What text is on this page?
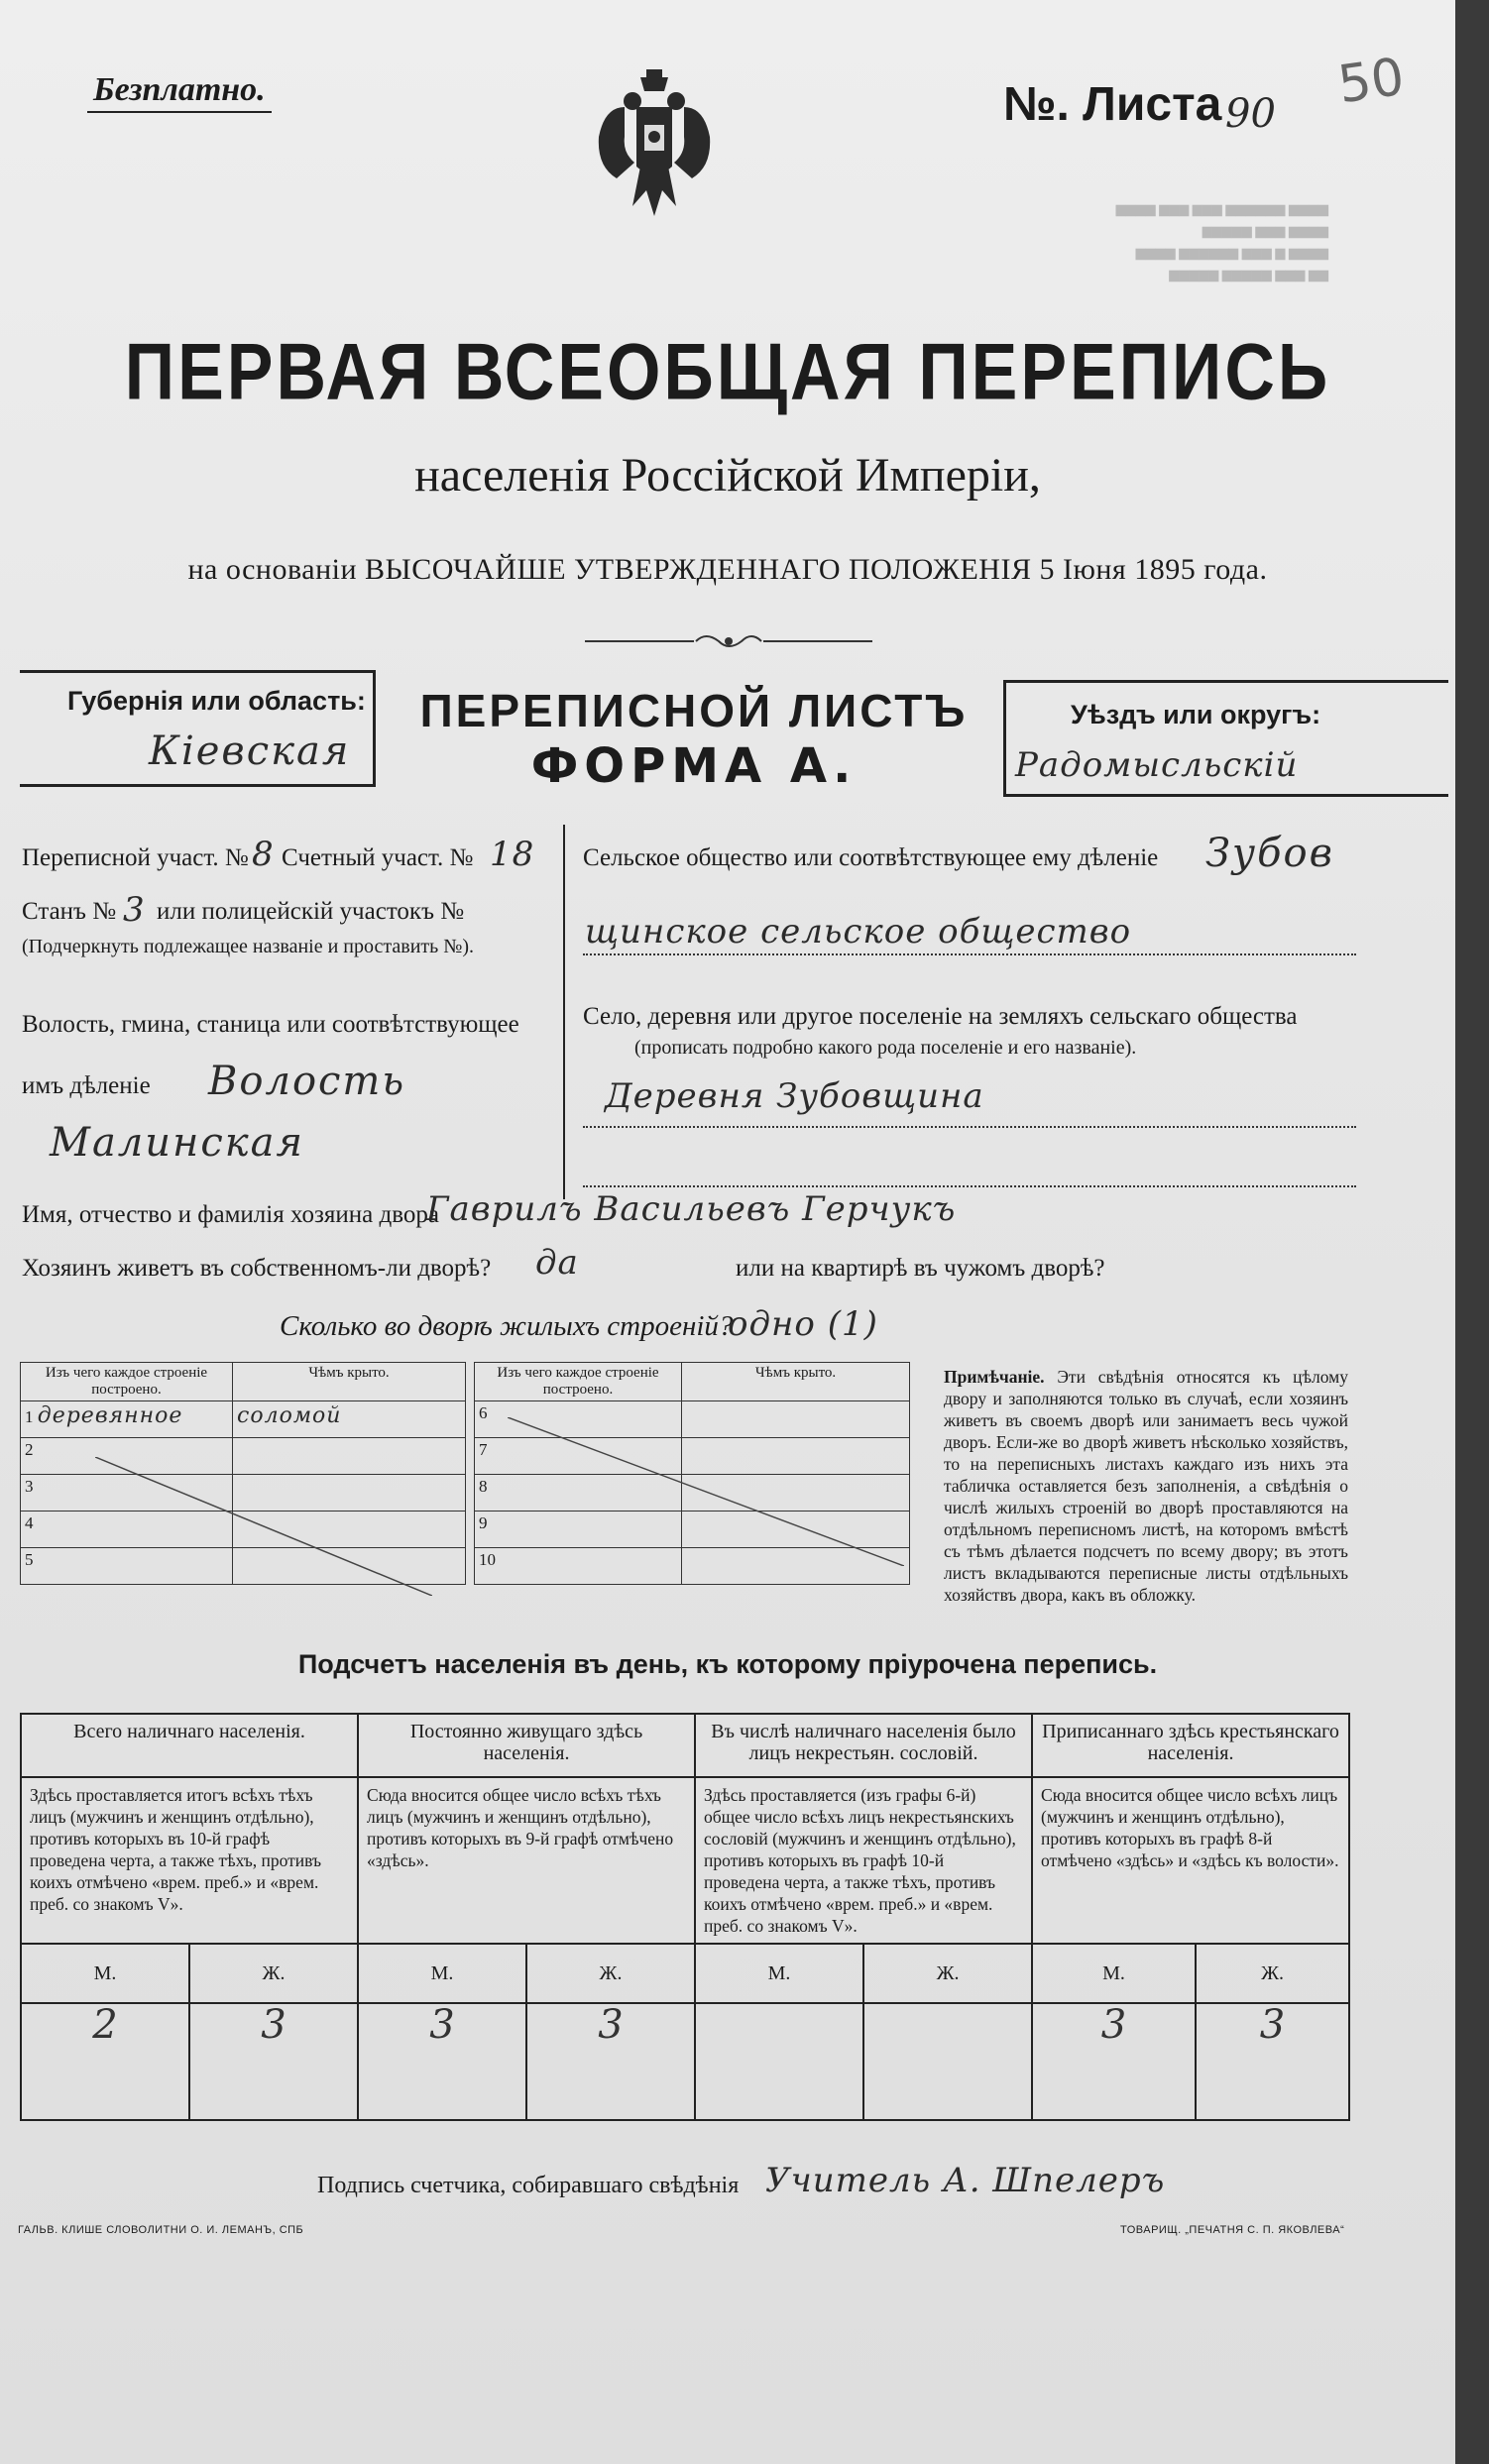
Безплатно.	№. Листа 90 50
▆▆▆▆ ▆▆▆▆▆▆ ▆▆▆ ▆▆▆ ▆▆▆▆
▆▆▆▆ ▆▆▆ ▆▆▆▆▆
▆▆▆▆ ▆ ▆▆▆ ▆▆▆▆▆▆ ▆▆▆▆
▆▆ ▆▆▆ ▆▆▆▆▆ ▆▆▆▆▆
ПЕРВАЯ ВСЕОБЩАЯ ПЕРЕПИСЬ
населенія Россійской Имперіи,
на основаніи ВЫСОЧАЙШЕ УТВЕРЖДЕННАГО ПОЛОЖЕНІЯ 5 Іюня 1895 года.
Губернія или область:
Кіевская
ПЕРЕПИСНОЙ ЛИСТЪ
ФОРМА А.
Уѣздъ или округъ:
Радомысльскій
Переписной участ. № 8 Счетный участ. № 18
Станъ № 3 или полицейскій участокъ №
(Подчеркнуть подлежащее названіе и проставить №).
Волость, гмина, станица или соотвѣтствующее
имъ дѣленіе Волость
Малинская
Сельское общество или соотвѣтствующее ему дѣленіе Зубов
щинское сельское общество
Село, деревня или другое поселеніе на земляхъ сельскаго общества
(прописать подробно какого рода поселеніе и его названіе).
Деревня Зубовщина
Имя, отчество и фамилія хозяина двора
Гаврилъ Васильевъ Герчукъ
Хозяинъ живетъ въ собственномъ-ли дворѣ? да	или на квартирѣ въ чужомъ дворѣ?
Сколько во дворѣ жилыхъ строеній?
одно (1)
Изъ чего каждое строеніе построено.	Чѣмъ крыто.
1 деревянное	соломой
2	
3	
4	
5	
Изъ чего каждое строеніе построено.	Чѣмъ крыто.
6	
7	
8	
9	
10	
Примѣчаніе. Эти свѣдѣнія относятся къ цѣлому двору и заполняются только въ случаѣ, если хозяинъ живетъ въ своемъ дворѣ или занимаетъ весь чужой дворъ. Если-же во дворѣ живетъ нѣсколько хозяйствъ, то на переписныхъ листахъ каждаго изъ нихъ эта табличка оставляется безъ заполненія, а свѣдѣнія о числѣ жилыхъ строеній во дворѣ проставляются на отдѣльномъ переписномъ листѣ, на которомъ вмѣстѣ съ тѣмъ дѣлается подсчетъ по всему двору; въ этотъ листъ вкладываются переписные листы отдѣльныхъ хозяйствъ двора, какъ въ обложку.
Подсчетъ населенія въ день, къ которому пріурочена перепись.
Всего наличнаго населенія.		Постоянно живущаго здѣсь населенія.		Въ числѣ наличнаго населенія было лицъ некрестьян. сословій.		Приписаннаго здѣсь крестьянскаго населенія.	
Здѣсь проставляется итогъ всѣхъ тѣхъ лицъ (мужчинъ и женщинъ отдѣльно), противъ которыхъ въ 10-й графѣ проведена черта, а также тѣхъ, противъ коихъ отмѣчено «врем. преб.» и «врем. преб. со знакомъ V».		Сюда вносится общее число всѣхъ тѣхъ лицъ (мужчинъ и женщинъ отдѣльно), противъ которыхъ въ 9-й графѣ отмѣчено «здѣсь».		Здѣсь проставляется (изъ графы 6-й) общее число всѣхъ лицъ некрестьянскихъ сословій (мужчинъ и женщинъ отдѣльно), противъ которыхъ въ графѣ 10-й проведена черта, а также тѣхъ, противъ коихъ отмѣчено «врем. преб.» и «врем. преб. со знакомъ V».		Сюда вносится общее число всѣхъ лицъ (мужчинъ и женщинъ отдѣльно), противъ которыхъ въ графѣ 8-й отмѣчено «здѣсь» и «здѣсь къ волости».	
М.	Ж.	М.	Ж.	М.	Ж.	М.	Ж.
2	3	3	3			3	3
Подпись счетчика, собиравшаго свѣдѣнія Учитель А. Шпелеръ
ГАЛЬВ. КЛИШЕ СЛОВОЛИТНИ О. И. ЛЕМАНЪ, СПБ	ТОВАРИЩ. „ПЕЧАТНЯ С. П. ЯКОВЛЕВА“
